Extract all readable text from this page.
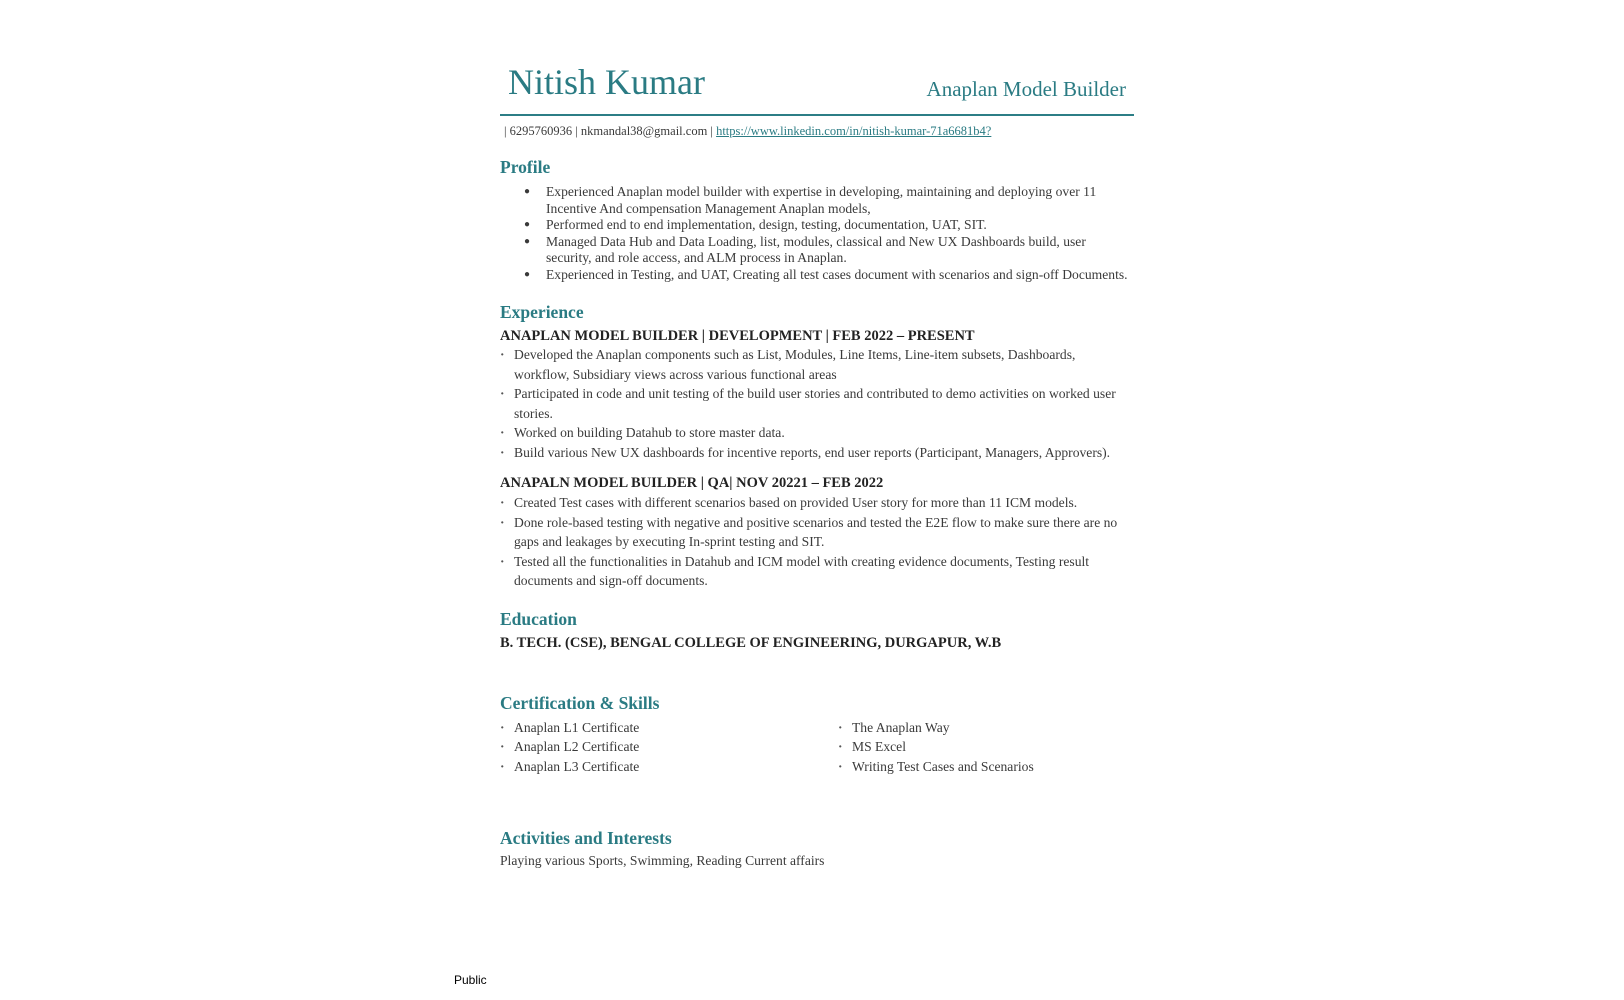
Nitish Kumar	Anaplan Model Builder
| 6295760936 | nkmandal38@gmail.com | https://www.linkedin.com/in/nitish-kumar-71a6681b4?
Profile
● Experienced Anaplan model builder with expertise in developing, maintaining and deploying over 11 Incentive And compensation Management Anaplan models,
● Performed end to end implementation, design, testing, documentation, UAT, SIT.
● Managed Data Hub and Data Loading, list, modules, classical and New UX Dashboards build, user security, and role access, and ALM process in Anaplan.
● Experienced in Testing, and UAT, Creating all test cases document with scenarios and sign-off Documents.
Experience
ANAPLAN MODEL BUILDER | DEVELOPMENT | FEB 2022 – PRESENT
· Developed the Anaplan components such as List, Modules, Line Items, Line-item subsets, Dashboards, workflow, Subsidiary views across various functional areas
· Participated in code and unit testing of the build user stories and contributed to demo activities on worked user stories.
· Worked on building Datahub to store master data.
· Build various New UX dashboards for incentive reports, end user reports (Participant, Managers, Approvers).
ANAPALN MODEL BUILDER | QA| NOV 20221 – FEB 2022
· Created Test cases with different scenarios based on provided User story for more than 11 ICM models.
· Done role-based testing with negative and positive scenarios and tested the E2E flow to make sure there are no gaps and leakages by executing In-sprint testing and SIT.
· Tested all the functionalities in Datahub and ICM model with creating evidence documents, Testing result documents and sign-off documents.
Education
B. TECH. (CSE), BENGAL COLLEGE OF ENGINEERING, DURGAPUR, W.B
Certification & Skills
· Anaplan L1 Certificate
· Anaplan L2 Certificate
· Anaplan L3 Certificate
· The Anaplan Way
· MS Excel
· Writing Test Cases and Scenarios
Activities and Interests
Playing various Sports, Swimming, Reading Current affairs
Public
